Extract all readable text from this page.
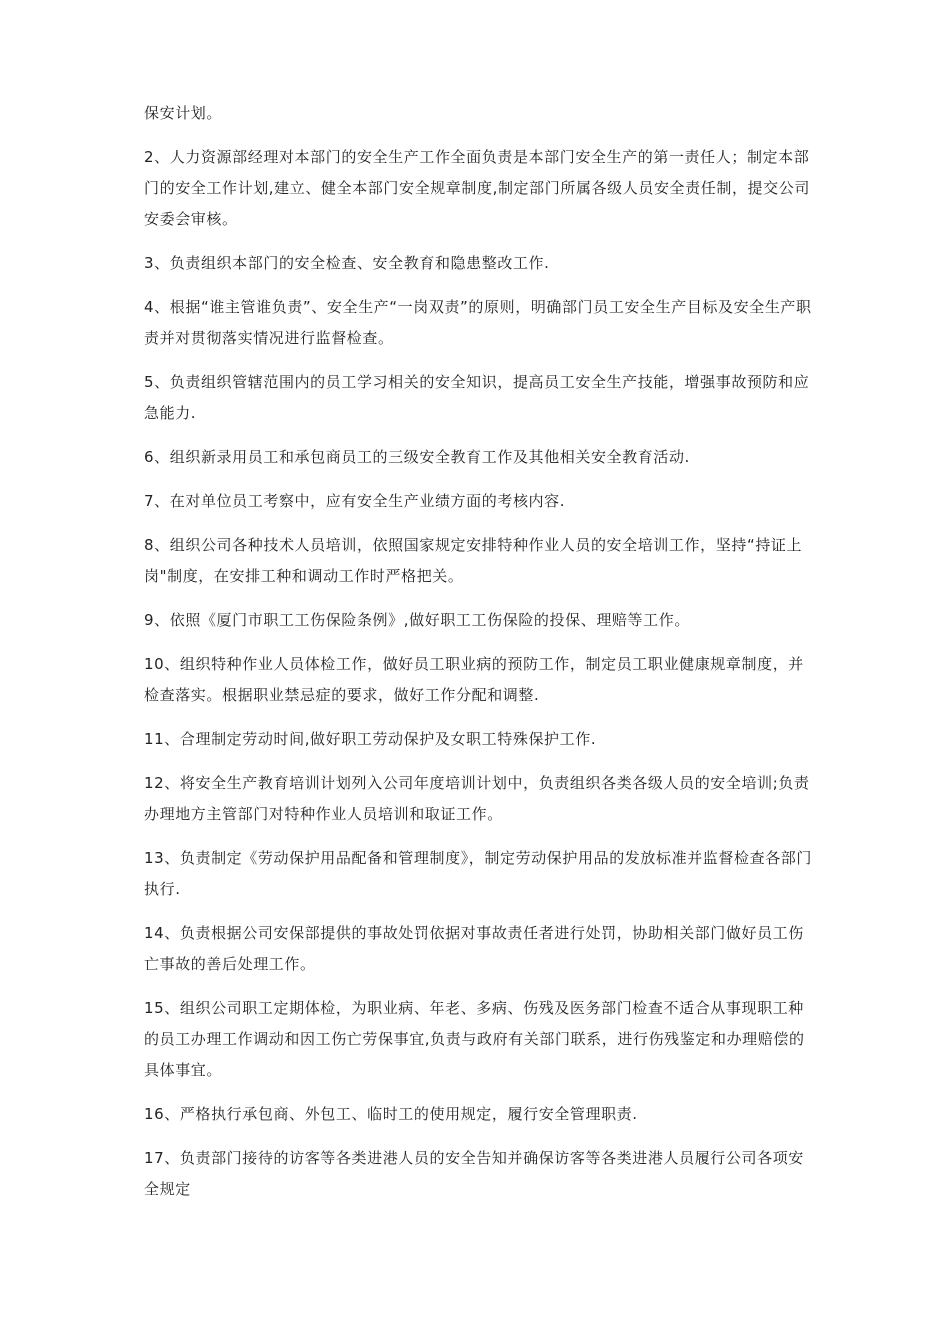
保安计划。

2、人力资源部经理对本部门的安全生产工作全面负责是本部门安全生产的第一责任人；制定本部门的安全工作计划,建立、健全本部门安全规章制度,制定部门所属各级人员安全责任制，提交公司安委会审核。

3、负责组织本部门的安全检查、安全教育和隐患整改工作.

4、根据“谁主管谁负责”、安全生产“一岗双责”的原则，明确部门员工安全生产目标及安全生产职责并对贯彻落实情况进行监督检查。

5、负责组织管辖范围内的员工学习相关的安全知识，提高员工安全生产技能，增强事故预防和应急能力.

6、组织新录用员工和承包商员工的三级安全教育工作及其他相关安全教育活动.

7、在对单位员工考察中，应有安全生产业绩方面的考核内容.

8、组织公司各种技术人员培训，依照国家规定安排特种作业人员的安全培训工作，坚持“持证上岗"制度，在安排工种和调动工作时严格把关。

9、依照《厦门市职工工伤保险条例》,做好职工工伤保险的投保、理赔等工作。

10、组织特种作业人员体检工作，做好员工职业病的预防工作，制定员工职业健康规章制度，并检查落实。根据职业禁忌症的要求，做好工作分配和调整.

11、合理制定劳动时间,做好职工劳动保护及女职工特殊保护工作.

12、将安全生产教育培训计划列入公司年度培训计划中，负责组织各类各级人员的安全培训;负责办理地方主管部门对特种作业人员培训和取证工作。

13、负责制定《劳动保护用品配备和管理制度》，制定劳动保护用品的发放标准并监督检查各部门执行.

14、负责根据公司安保部提供的事故处罚依据对事故责任者进行处罚，协助相关部门做好员工伤亡事故的善后处理工作。

15、组织公司职工定期体检，为职业病、年老、多病、伤残及医务部门检查不适合从事现职工种的员工办理工作调动和因工伤亡劳保事宜,负责与政府有关部门联系，进行伤残鉴定和办理赔偿的具体事宜。

16、严格执行承包商、外包工、临时工的使用规定，履行安全管理职责.

17、负责部门接待的访客等各类进港人员的安全告知并确保访客等各类进港人员履行公司各项安全规定
